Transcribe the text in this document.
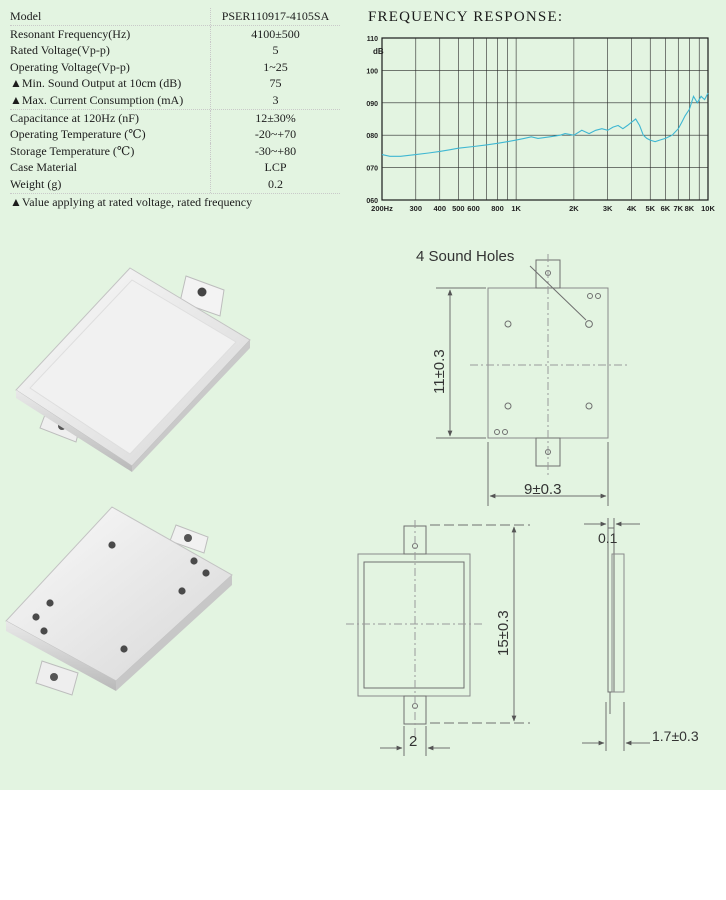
Model	PSER110917-4105SA
Resonant Frequency(Hz)	4100±500
Rated Voltage(Vp-p)	5
Operating Voltage(Vp-p)	1~25
▲Min. Sound Output at 10cm (dB)	75
▲Max. Current Consumption (mA)	3
Capacitance at 120Hz (nF)	12±30%
Operating Temperature (℃)	-20~+70
Storage Temperature (℃)	-30~+80
Case Material	LCP
Weight (g)	0.2
▲Value applying at rated voltage, rated frequency
FREQUENCY RESPONSE:
060
070
080
090
100
110
200Hz 300 400 500 600 800 1K	2K	3K 4K 5K 6K 7K 8K 10K
dB
4 Sound Holes
11±0.3
9±0.3
15±0.3
2
0.1
1.7±0.3
